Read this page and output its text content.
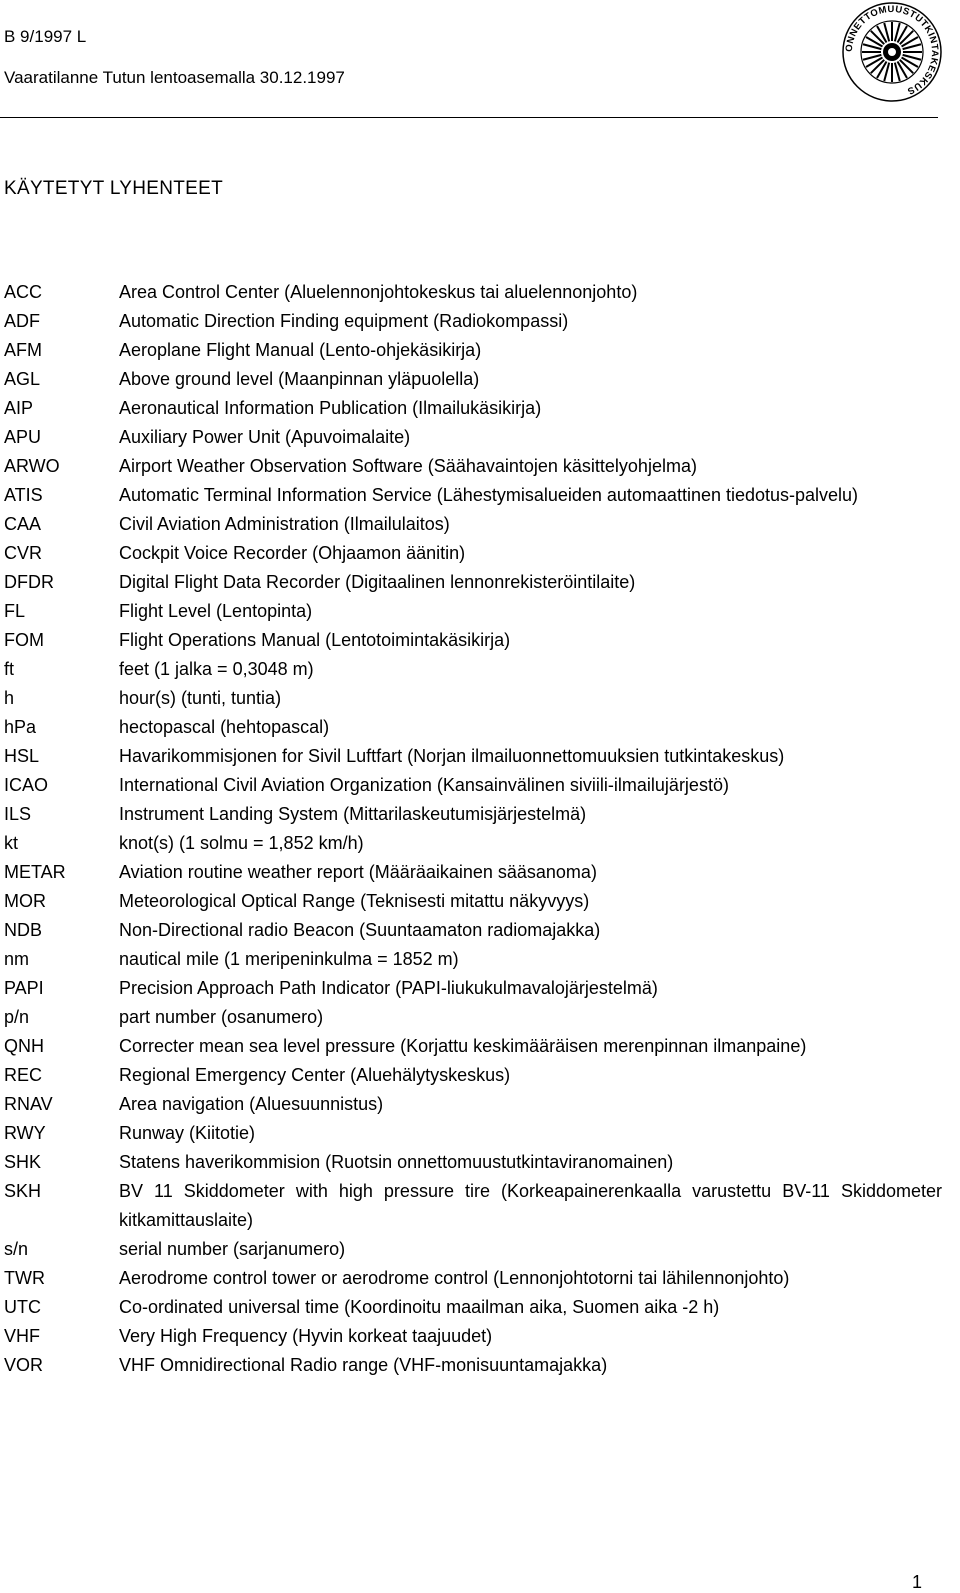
B 9/1997 L
Vaaratilanne Tutun lentoasemalla 30.12.1997
ONNETTOMUUSTUTKINTAKESKUS
KÄYTETYT LYHENTEET
ACC	Area Control Center (Aluelennonjohtokeskus tai aluelennonjohto)
ADF	Automatic Direction Finding equipment (Radiokompassi)
AFM	Aeroplane Flight Manual (Lento-ohjekäsikirja)
AGL	Above ground level (Maanpinnan yläpuolella)
AIP	Aeronautical Information Publication (Ilmailukäsikirja)
APU	Auxiliary Power Unit (Apuvoimalaite)
ARWO	Airport Weather Observation Software (Säähavaintojen käsittelyohjelma)
ATIS	Automatic Terminal Information Service (Lähestymisalueiden automaattinen tiedotus-palvelu)
CAA	Civil Aviation Administration (Ilmailulaitos)
CVR	Cockpit Voice Recorder (Ohjaamon äänitin)
DFDR	Digital Flight Data Recorder (Digitaalinen lennonrekisteröintilaite)
FL	Flight Level (Lentopinta)
FOM	Flight Operations Manual (Lentotoimintakäsikirja)
ft	feet (1 jalka = 0,3048 m)
h	hour(s) (tunti, tuntia)
hPa	hectopascal (hehtopascal)
HSL	Havarikommisjonen for Sivil Luftfart (Norjan ilmailuonnettomuuksien tutkintakeskus)
ICAO	International Civil Aviation Organization (Kansainvälinen siviili-ilmailujärjestö)
ILS	Instrument Landing System (Mittarilaskeutumisjärjestelmä)
kt	knot(s) (1 solmu = 1,852 km/h)
METAR	Aviation routine weather report (Määräaikainen sääsanoma)
MOR	Meteorological Optical Range (Teknisesti mitattu näkyvyys)
NDB	Non-Directional radio Beacon (Suuntaamaton radiomajakka)
nm	nautical mile (1 meripeninkulma = 1852 m)
PAPI	Precision Approach Path Indicator (PAPI-liukukulmavalojärjestelmä)
p/n	part number (osanumero)
QNH	Correcter mean sea level pressure (Korjattu keskimääräisen merenpinnan ilmanpaine)
REC	Regional Emergency Center (Aluehälytyskeskus)
RNAV	Area navigation (Aluesuunnistus)
RWY	Runway (Kiitotie)
SHK	Statens haverikommision (Ruotsin onnettomuustutkintaviranomainen)
SKH	BV 11 Skiddometer with high pressure tire (Korkeapainerenkaalla varustettu BV-11 Skiddometer kitkamittauslaite)
s/n	serial number (sarjanumero)
TWR	Aerodrome control tower or aerodrome control (Lennonjohtotorni tai lähilennonjohto)
UTC	Co-ordinated universal time (Koordinoitu maailman aika, Suomen aika -2 h)
VHF	Very High Frequency (Hyvin korkeat taajuudet)
VOR	VHF Omnidirectional Radio range (VHF-monisuuntamajakka)
1
